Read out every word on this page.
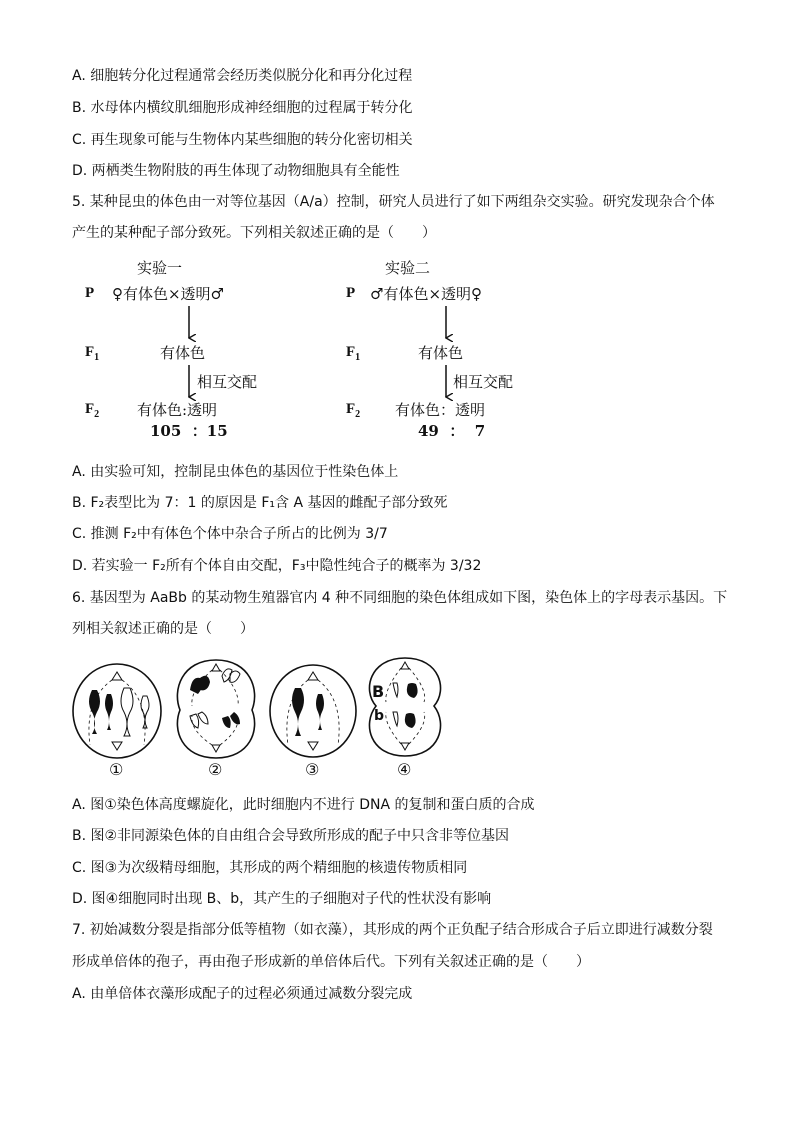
A. 细胞转分化过程通常会经历类似脱分化和再分化过程
B. 水母体内横纹肌细胞形成神经细胞的过程属于转分化
C. 再生现象可能与生物体内某些细胞的转分化密切相关
D. 两栖类生物附肢的再生体现了动物细胞具有全能性
5. 某种昆虫的体色由一对等位基因（A/a）控制，研究人员进行了如下两组杂交实验。研究发现杂合个体
产生的某种配子部分致死。下列相关叙述正确的是（　　）
实验一
P ♀有体色×透明♂
$F_1$	有体色
相互交配
$F_2$	有体色:透明
105  ：15
实验二
P ♂有体色×透明♀
$F_1$	有体色
相互交配
$F_2$ 有体色：透明
49  ：  7
A. 由实验可知，控制昆虫体色的基因位于性染色体上
B. F₂表型比为 7：1 的原因是 F₁含 A 基因的雌配子部分致死
C. 推测 F₂中有体色个体中杂合子所占的比例为 3/7
D. 若实验一 F₂所有个体自由交配，F₃中隐性纯合子的概率为 3/32
6. 基因型为 AaBb 的某动物生殖器官内 4 种不同细胞的染色体组成如下图，染色体上的字母表示基因。下
列相关叙述正确的是（　　）
B
b
①	②	③	④
A. 图①染色体高度螺旋化，此时细胞内不进行 DNA 的复制和蛋白质的合成
B. 图②非同源染色体的自由组合会导致所形成的配子中只含非等位基因
C. 图③为次级精母细胞，其形成的两个精细胞的核遗传物质相同
D. 图④细胞同时出现 B、b，其产生的子细胞对子代的性状没有影响
7. 初始减数分裂是指部分低等植物（如衣藻），其形成的两个正负配子结合形成合子后立即进行减数分裂
形成单倍体的孢子，再由孢子形成新的单倍体后代。下列有关叙述正确的是（　　）
A. 由单倍体衣藻形成配子的过程必须通过减数分裂完成
